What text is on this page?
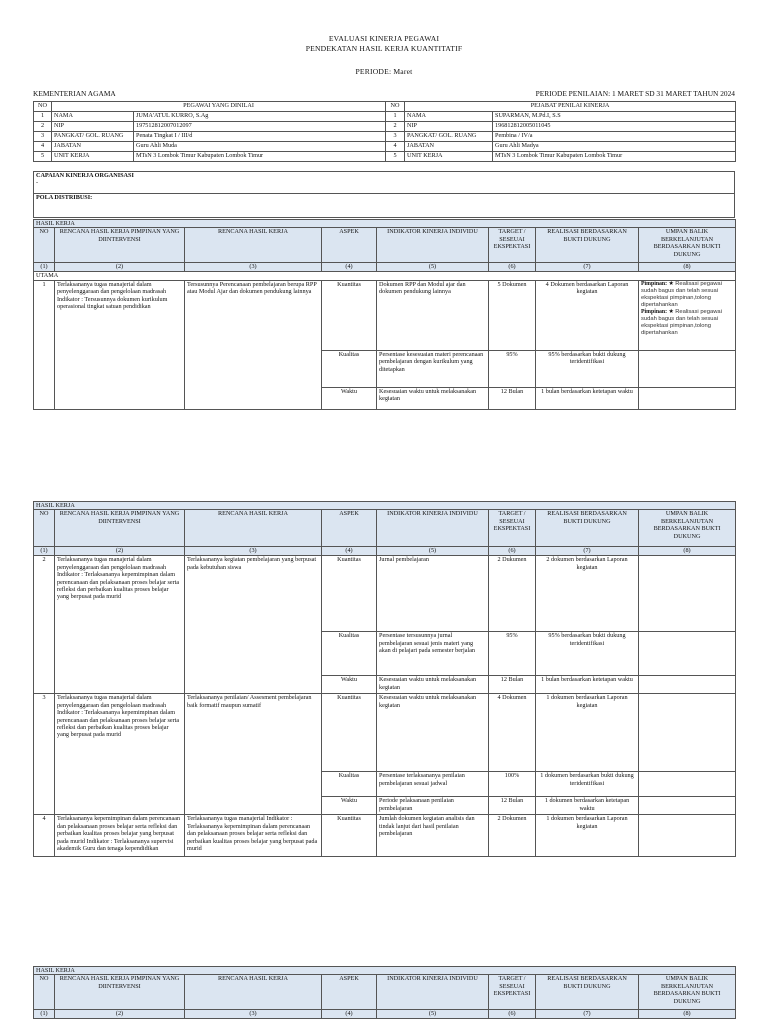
EVALUASI KINERJA PEGAWAI
PENDEKATAN HASIL KERJA KUANTITATIF
PERIODE: Maret
KEMENTERIAN AGAMA	PERIODE PENILAIAN: 1 MARET SD 31 MARET TAHUN 2024
NO	PEGAWAI YANG DINILAI		NO	PEJABAT PENILAI KINERJA	
1	NAMA	JUMA'ATUL KURRO, S.Ag	1	NAMA	SUPARMAN, M.Pd.I, S.S
2	NIP	197512812007012097	2	NIP	196812812005011045
3	PANGKAT/ GOL. RUANG	Penata Tingkat I / III/d	3	PANGKAT/ GOL. RUANG	Pembina / IV/a
4	JABATAN	Guru Ahli Muda	4	JABATAN	Guru Ahli Madya
5	UNIT KERJA	MTsN 3 Lombok Timur Kabupaten Lombok Timur	5	UNIT KERJA	MTsN 3 Lombok Timur Kabupaten Lombok Timur
CAPAIAN KINERJA ORGANISASI
-

POLA DISTRIBUSI:
HASIL KERJA							
NO	RENCANA HASIL KERJA PIMPINAN YANG DIINTERVENSI	RENCANA HASIL KERJA	ASPEK	INDIKATOR KINERJA INDIVIDU	TARGET / SESEUAI EKSPEKTASI	REALISASI BERDASARKAN BUKTI DUKUNG	UMPAN BALIK BERKELANJUTAN BERDASARKAN BUKTI DUKUNG
(1)	(2)	(3)	(4)	(5)	(6)	(7)	(8)
UTAMA							
1	Terlaksananya tugas manajerial dalam penyelenggaraan dan pengelolaan madrasah Indikator : Tersusunnya dokumen kurikulum operasional tingkat satuan pendidikan	Tersusunnya Perencanaan pembelajaran berupa RPP atau Modul Ajar dan dokumen pendukung lainnya	Kuantitas	Dokumen RPP dan Modul ajar dan dokumen pendukung lainnya	5 Dokumen	4 Dokumen berdasarkan Laporan kegiatan	Pimpinan: ★ Realisasi pegawai sudah bagus dan telah sesuai ekspektasi pimpinan,tolong dipertahankan
Pimpinan: ★ Realisasi pegawai sudah bagus dan telah sesuai ekspektasi pimpinan,tolong dipertahankan

			Kualitas	Persentase kesesuaian materi perencanaan pembelajaran dengan kurikulum yang ditetapkan	95%	95% berdasarkan bukti dukung teridentifikasi	
			Waktu	Kesesuaian waktu untuk melaksanakan kegiatan	12 Bulan	1 bulan berdasarkan ketetapan waktu	
HASIL KERJA							
NO	RENCANA HASIL KERJA PIMPINAN YANG DIINTERVENSI	RENCANA HASIL KERJA	ASPEK	INDIKATOR KINERJA INDIVIDU	TARGET / SESEUAI EKSPEKTASI	REALISASI BERDASARKAN BUKTI DUKUNG	UMPAN BALIK BERKELANJUTAN BERDASARKAN BUKTI DUKUNG
(1)	(2)	(3)	(4)	(5)	(6)	(7)	(8)
2	Terlaksananya tugas manajerial dalam penyelenggaraan dan pengelolaan madrasah Indikator : Terlaksananya kepemimpinan dalam perencanaan dan pelaksanaan proses belajar serta refleksi dan perbaikan kualitas proses belajar yang berpusat pada murid	Terlaksananya kegiatan pembelajaran yang berpusat pada kebutuhan siswa	Kuantitas	Jurnal pembelajaran	2 Dukumen	2 dokumen berdasarkan Laporan kegiatan	
			Kualitas	Persentase tersusunnya jurnal pembelajaran sesuai jenis materi yang akan di pelajari pada semester berjalan	95%	95% berdasarkan bukti dukung teridentifikasi	
			Waktu	Kesesuaian waktu untuk melaksanakan kegiatan	12 Bulan	1 bulan berdasarkan ketetapan waktu	
3	Terlaksananya tugas manajerial dalam penyelenggaraan dan pengelolaan madrasah Indikator : Terlaksananya kepemimpinan dalam perencanaan dan pelaksanaan proses belajar serta refleksi dan perbaikan kualitas proses belajar yang berpusat pada murid	Terlaksananya penilaian/ Assesment pembelajaran baik formatif maupun sumatif	Kuantitas	Kesesuaian waktu untuk melaksanakan kegiatan	4 Dokumen	1 dokumen berdasarkan Laporan kegiatan	
			Kualitas	Persentase terlaksananya penilaian pembelajaran sesuai jadwal	100%	1 dokumen berdasarkan bukti dukung teridentifikasi	
			Waktu	Periode pelaksanaan penilaian pembelajaran	12 Bulan	1 dokumen berdasarkan ketetapan waktu	
4	Terlaksananya kepemimpinan dalam perencanaan dan pelaksanaan proses belajar serta refleksi dan perbaikan kualitas proses belajar yang berpusat pada murid Indikator : Terlaksananya supervisi akademik Guru dan tenaga kependidikan	Terlaksananya tugas manajerial Indikator : Terlaksananya kepemimpinan dalam perencanaan dan pelaksanaan proses belajar serta refleksi dan perbaikan kualitas proses belajar yang berpusat pada murid	Kuantitas	Jumlah dokumen kegiatan analisis dan tindak lanjut dari hasil penilaian pembelajaran	2 Dokumen	1 dokumen berdasarkan Laporan kegiatan	
HASIL KERJA							
NO	RENCANA HASIL KERJA PIMPINAN YANG DIINTERVENSI	RENCANA HASIL KERJA	ASPEK	INDIKATOR KINERJA INDIVIDU	TARGET / SESEUAI EKSPEKTASI	REALISASI BERDASARKAN BUKTI DUKUNG	UMPAN BALIK BERKELANJUTAN BERDASARKAN BUKTI DUKUNG
(1)	(2)	(3)	(4)	(5)	(6)	(7)	(8)
